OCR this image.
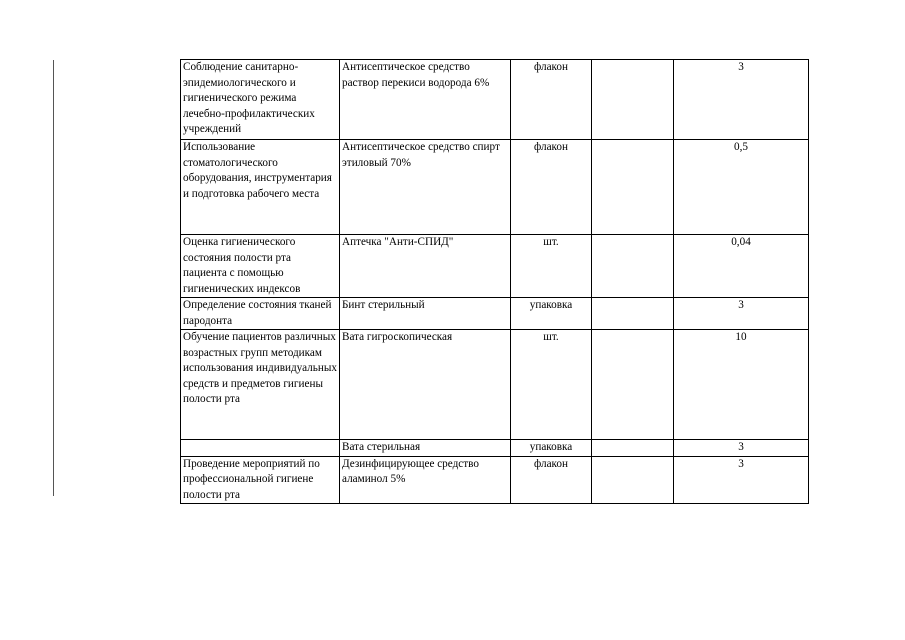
Соблюдение санитарно-эпидемиологического и гигиенического режима лечебно-профилактических учреждений	Антисептическое средство раствор перекиси водорода 6%	флакон		3
Использование стоматологического оборудования, инструментария и подготовка рабочего места	Антисептическое средство спирт этиловый 70%	флакон		0,5
Оценка гигиенического состояния полости рта пациента с помощью гигиенических индексов	Аптечка "Анти-СПИД"	шт.		0,04
Определение состояния тканей пародонта	Бинт стерильный	упаковка		3
Обучение пациентов различных возрастных групп методикам использования индивидуальных средств и предметов гигиены полости рта	Вата гигроскопическая	шт.		10
	Вата стерильная	упаковка		3
Проведение мероприятий по профессиональной гигиене полости рта	Дезинфицирующее средство аламинол 5%	флакон		3
